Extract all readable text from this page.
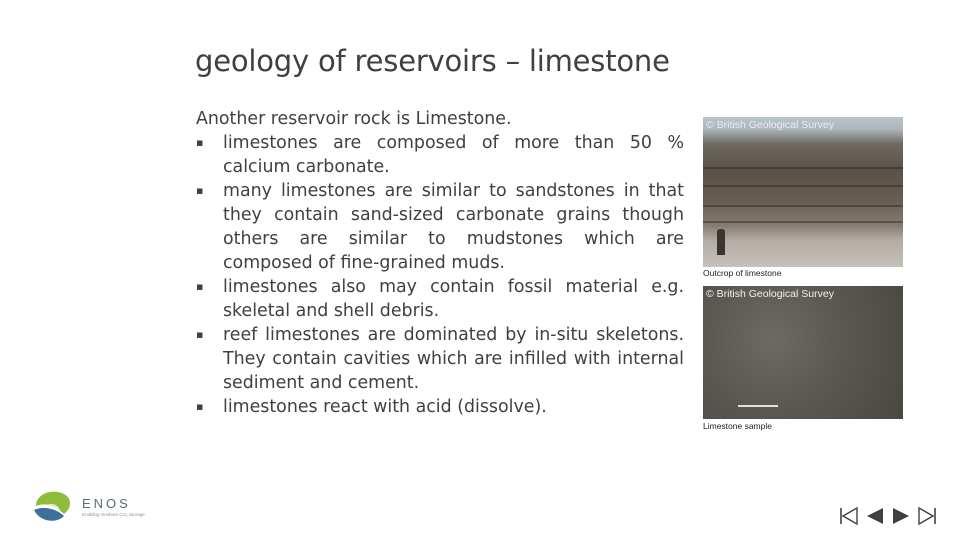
geology of reservoirs – limestone

Another reservoir rock is Limestone.

▪ limestones are composed of more than 50 % calcium carbonate.
▪ many limestones are similar to sandstones in that they contain sand-sized carbonate grains though others are similar to mudstones which are composed of fine-grained muds.
▪ limestones also may contain fossil material e.g. skeletal and shell debris.
▪ reef limestones are dominated by in-situ skeletons. They contain cavities which are infilled with internal sediment and cement.
▪ limestones react with acid (dissolve).
© British Geological Survey
Outcrop of limestone
© British Geological Survey
Limestone sample
ENOS
Enabling Onshore CO₂ Storage
